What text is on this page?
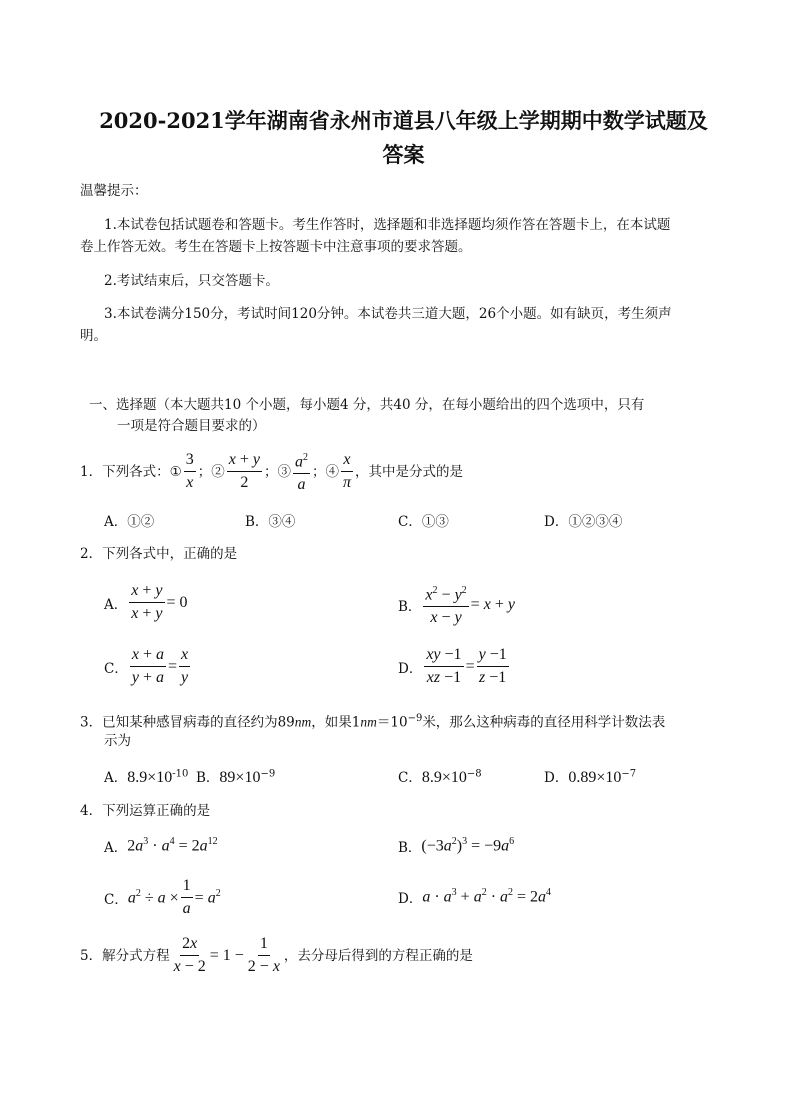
2020-2021学年湖南省永州市道县八年级上学期期中数学试题及
答案
温馨提示：
1.本试卷包括试题卷和答题卡。考生作答时，选择题和非选择题均须作答在答题卡上，在本试题
卷上作答无效。考生在答题卡上按答题卡中注意事项的要求答题。
2.考试结束后，只交答题卡。
3.本试卷满分150分，考试时间120分钟。本试卷共三道大题，26个小题。如有缺页，考生须声
明。
一、选择题（本大题共10 个小题，每小题4 分，共40 分，在每小题给出的四个选项中，只有
一项是符合题目要求的）
1．下列各式： ① $\frac{3}{x}$ ；② $\frac{x + y}{2}$ ；③ $\frac{a^2}{a}$ ；④ $\frac{x}{\pi}$ ，其中是分式的是
A．①②	B．③④	C．①③	D．①②③④
2．下列各式中，正确的是
A． $\frac{x + y}{x + y} = 0$	B． $\frac{x^2 - y^2}{x - y} = x + y$
C． $\frac{x + a}{y + a} = \frac{x}{y}$	D． $\frac{xy -1}{xz -1} = \frac{y -1}{z -1}$
3．已知某种感冒病毒的直径约为89nm，如果$1nm=10^{-9}$米，那么这种病毒的直径用科学计数法表
示为
A．$8.9\times 10^{-10}$ B．$89\times 10^{-9}$	C．$8.9\times 10^{-8}$	D．$0.89\times 10^{-7}$
4．下列运算正确的是
A． $2a^3 \cdot a^4 = 2a^{12}$	B． $(-3a^2)^3 = -9a^6$
C． $a^2 \div a \times \frac{1}{a} = a^2$	D． $a \cdot a^3 + a^2 \cdot a^2 = 2a^4$
5．解分式方程 $\frac{2x}{x - 2} = 1 - \frac{1}{2 - x}$ ，去分母后得到的方程正确的是
